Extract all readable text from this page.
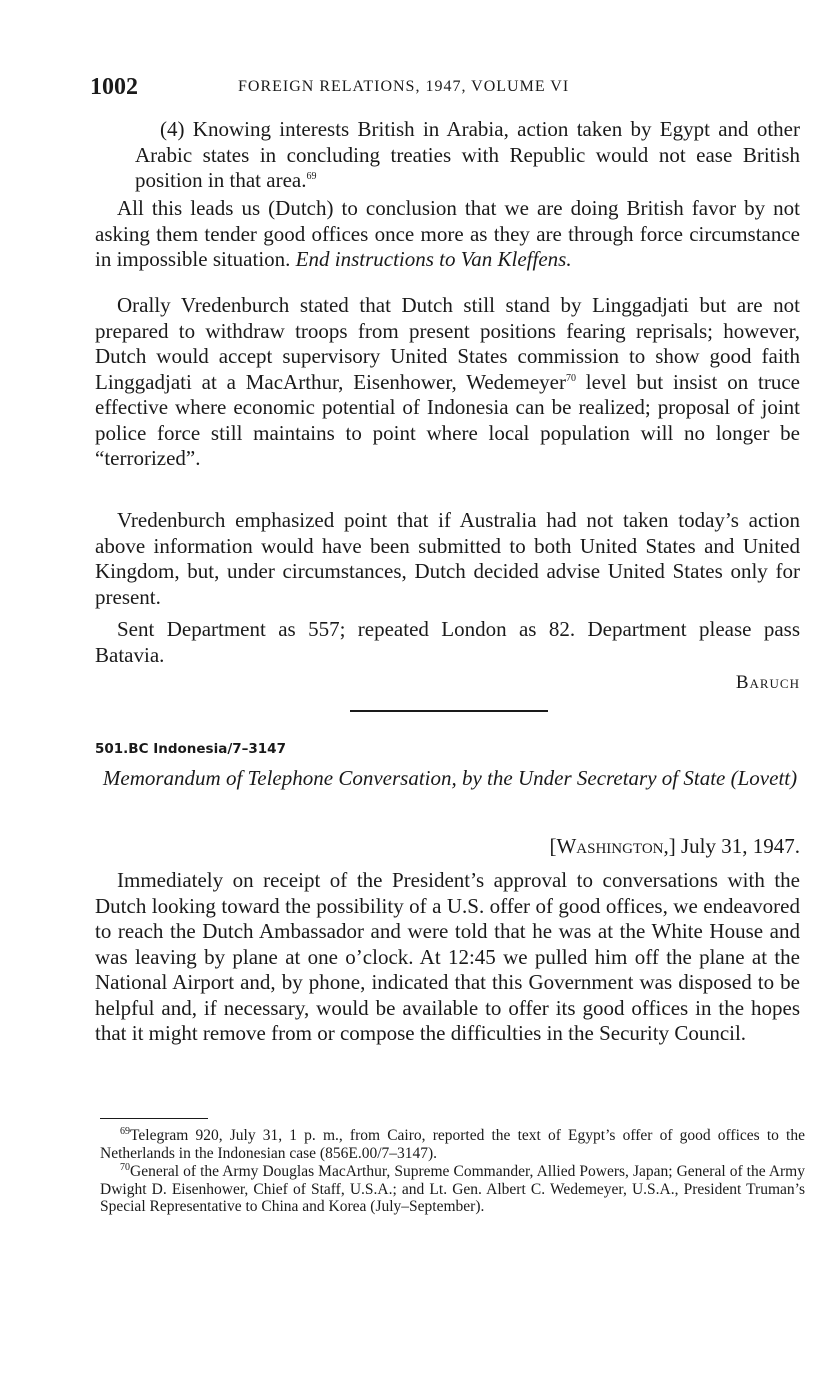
1002	FOREIGN RELATIONS, 1947, VOLUME VI

(4) Knowing interests British in Arabia, action taken by Egypt and other Arabic states in concluding treaties with Republic would not ease British position in that area.$^{69}$

All this leads us (Dutch) to conclusion that we are doing British favor by not asking them tender good offices once more as they are through force circumstance in impossible situation. End instructions to Van Kleffens.

Orally Vredenburch stated that Dutch still stand by Linggadjati but are not prepared to withdraw troops from present positions fearing reprisals; however, Dutch would accept supervisory United States commission to show good faith Linggadjati at a MacArthur, Eisenhower, Wedemeyer$^{70}$ level but insist on truce effective where economic potential of Indonesia can be realized; proposal of joint police force still maintains to point where local population will no longer be “terrorized”.

Vredenburch emphasized point that if Australia had not taken today’s action above information would have been submitted to both United States and United Kingdom, but, under circumstances, Dutch decided advise United States only for present.

Sent Department as 557; repeated London as 82. Department please pass Batavia.

Baruch
501.BC Indonesia/7–3147
Memorandum of Telephone Conversation, by the Under Secretary of State (Lovett)
[Washington,] July 31, 1947.

Immediately on receipt of the President’s approval to conversations with the Dutch looking toward the possibility of a U.S. offer of good offices, we endeavored to reach the Dutch Ambassador and were told that he was at the White House and was leaving by plane at one o’clock. At 12:45 we pulled him off the plane at the National Airport and, by phone, indicated that this Government was disposed to be helpful and, if necessary, would be available to offer its good offices in the hopes that it might remove from or compose the difficulties in the Security Council.

$^{69}$Telegram 920, July 31, 1 p. m., from Cairo, reported the text of Egypt’s offer of good offices to the Netherlands in the Indonesian case (856E.00/7–3147).

$^{70}$General of the Army Douglas MacArthur, Supreme Commander, Allied Powers, Japan; General of the Army Dwight D. Eisenhower, Chief of Staff, U.S.A.; and Lt. Gen. Albert C. Wedemeyer, U.S.A., President Truman’s Special Representative to China and Korea (July–September).
